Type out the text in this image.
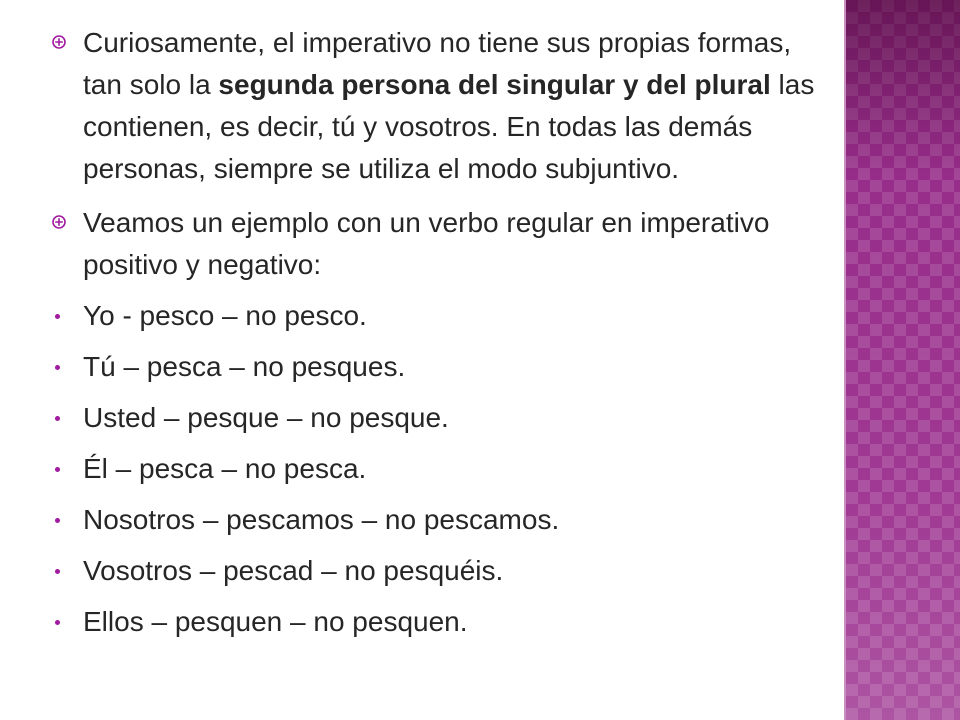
Curiosamente, el imperativo no tiene sus propias formas, tan solo la segunda persona del singular y del plural las contienen, es decir, tú y vosotros. En todas las demás personas, siempre se utiliza el modo subjuntivo.

Veamos un ejemplo con un verbo regular en imperativo positivo y negativo:

Yo - pesco – no pesco.

Tú – pesca – no pesques.

Usted – pesque – no pesque.

Él – pesca – no pesca.

Nosotros – pescamos – no pescamos.

Vosotros – pescad – no pesquéis.

Ellos – pesquen – no pesquen.
